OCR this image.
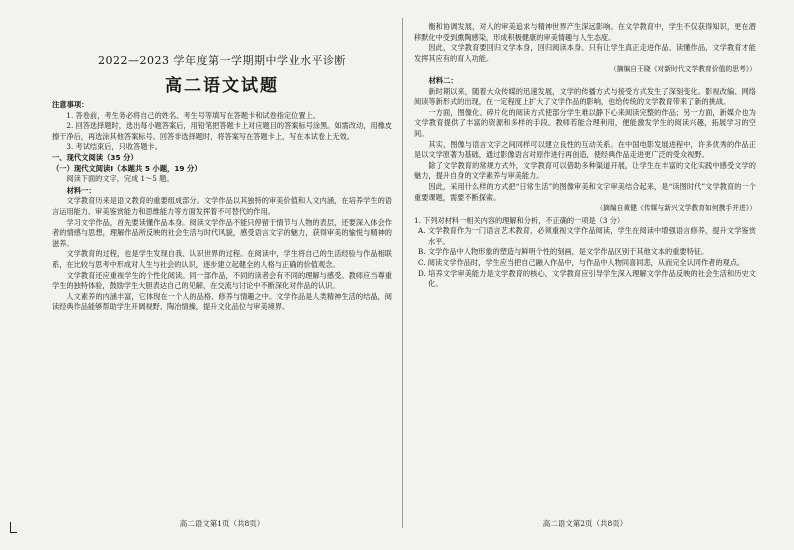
2022—2023 学年度第一学期期中学业水平诊断
高二语文试题

注意事项：

1. 答卷前，考生务必将自己的姓名、考生号等填写在答题卡和试卷指定位置上。

2. 回答选择题时，选出每小题答案后，用铅笔把答题卡上对应题目的答案标号涂黑。如需改动，用橡皮擦干净后，再选涂其他答案标号。回答非选择题时，将答案写在答题卡上，写在本试卷上无效。

3. 考试结束后，只收答题卡。

一、现代文阅读（35 分）

（一）现代文阅读Ⅰ（本题共 5 小题，19 分）

阅读下面的文字，完成 1～5 题。

材料一：

文学教育历来是语文教育的重要组成部分。文学作品以其独特的审美价值和人文内涵，在培养学生的语言运用能力、审美鉴赏能力和思维能力等方面发挥着不可替代的作用。

学习文学作品，首先要读懂作品本身。阅读文学作品不能只停留于情节与人物的表层，还要深入体会作者的情感与思想，理解作品所反映的社会生活与时代风貌，感受语言文字的魅力，获得审美的愉悦与精神的滋养。

文学教育的过程，也是学生发现自我、认识世界的过程。在阅读中，学生将自己的生活经验与作品相联系，在比较与思考中形成对人生与社会的认识，逐步建立起健全的人格与正确的价值观念。

文学教育还应重视学生的个性化阅读。同一部作品，不同的读者会有不同的理解与感受。教师应当尊重学生的独特体验，鼓励学生大胆表达自己的见解，在交流与讨论中不断深化对作品的认识。

人文素养的内涵丰富，它体现在一个人的品格、修养与情趣之中。文学作品是人类精神生活的结晶，阅读经典作品能够帮助学生开阔视野、陶冶情操，提升文化品位与审美境界。

高二语文第1页（共8页）

衡和协调发展，对人的审美追求与精神世界产生深远影响。在文学教育中，学生不仅获得知识，更在潜移默化中受到熏陶感染，形成积极健康的审美情趣与人生态度。

因此，文学教育要回归文学本身，回归阅读本身。只有让学生真正走进作品、读懂作品，文学教育才能发挥其应有的育人功能。

（摘编自王晓《对新时代文学教育价值的思考》）

材料二：

新时期以来，随着大众传媒的迅速发展，文学的传播方式与接受方式发生了深刻变化。影视改编、网络阅读等新形式的出现，在一定程度上扩大了文学作品的影响，也给传统的文学教育带来了新的挑战。

一方面，图像化、碎片化的阅读方式使部分学生难以静下心来阅读完整的作品；另一方面，新媒介也为文学教育提供了丰富的资源和多样的手段。教师若能合理利用，便能激发学生的阅读兴趣，拓展学习的空间。

其实，图像与语言文字之间同样可以建立良性的互动关系。在中国电影发展进程中，许多优秀的作品正是以文学原著为基础，通过影像语言对原作进行再创造，使经典作品走进更广泛的受众视野。

除了文学教育的常规方式外，文学教育可以借助多种渠道开展，让学生在丰富的文化实践中感受文学的魅力，提升自身的文学素养与审美能力。

因此，采用什么样的方式把“日常生活”的图像审美和文字审美结合起来，是“读图时代”文学教育的一个重要课题，需要不断探索。

（摘编自黄健《传媒与新兴文学教育如何携手并进》）

1. 下列对材料一相关内容的理解和分析，不正确的一项是（3 分）

A. 文学教育作为一门语言艺术教育，必须重视文学作品阅读，学生在阅读中增强语言修养，提升文学鉴赏水平。

B. 文学作品中人物形象的塑造与鲜明个性的刻画，是文学作品区别于其他文本的重要特征。

C. 阅读文学作品时，学生应当把自己融入作品中，与作品中人物同喜同悲，从而完全认同作者的观点。

D. 培养文学审美能力是文学教育的核心，文学教育应引导学生深入理解文学作品反映的社会生活和历史文化。

高二语文第2页（共8页）
